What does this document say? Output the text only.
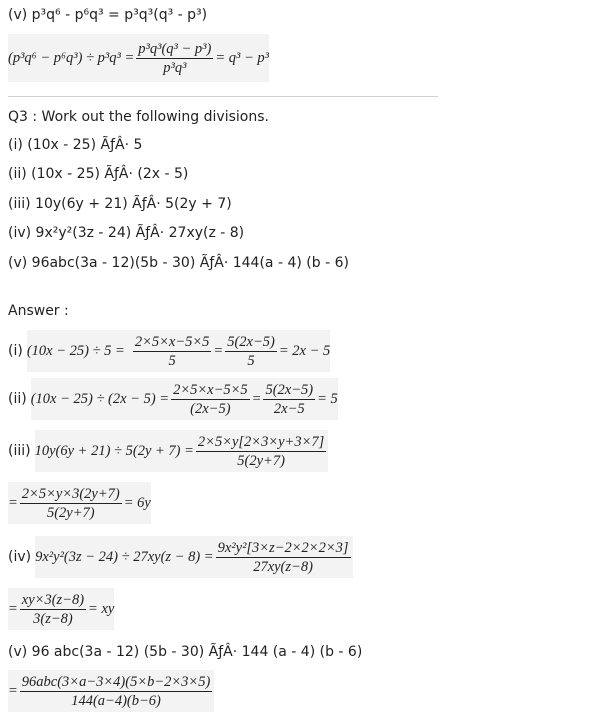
(v) p³q⁶ - p⁶q³ = p³q³(q³ - p³)
$(p^3q^6 - p^6q^3) \div p^3q^3 = \frac{\text{p³q³(q³ − p³)}}{\text{p³q³}} = q^3 - p^3$
Q3 : Work out the following divisions.
(i) (10x - 25) ÃƒÂ· 5
(ii) (10x - 25) ÃƒÂ· (2x - 5)
(iii) 10y(6y + 21) ÃƒÂ· 5(2y + 7)
(iv) 9x²y²(3z - 24) ÃƒÂ· 27xy(z - 8)
(v) 96abc(3a - 12)(5b - 30) ÃƒÂ· 144(a - 4) (b - 6)
Answer :
(i) $(10x - 25) \div 5 = \frac{2\times 5\times x-5\times 5}{5} = \frac{5(2x-5)}{5} = 2x - 5$
(ii) $(10x - 25) \div (2x - 5) = \frac{2\times 5\times x-5\times 5}{(2x-5)} = \frac{5(2x-5)}{2x-5} = 5$
(iii) $10y(6y + 21) \div 5(2y + 7) = \frac{2\times 5\times y[2\times 3\times y+3\times 7]}{5(2y+7)}$
= $\frac{2\times 5\times y\times 3(2y+7)}{5(2y+7)} = 6y$
(iv) $9x^2y^2(3z - 24) \div 27xy(z - 8) = \frac{\text{9x²y²[3×z−2×2×2×3]}}{27xy(z-8)}$
= $\frac{xy\times 3(z-8)}{3(z-8)}$ = xy
(v) 96 abc(3a - 12) (5b - 30) ÃƒÂ· 144 (a - 4) (b - 6)
= $\frac{\text{96abc(3×a−3×4)(5×b−2×3×5)}}{144(a-4)(b-6)}$
